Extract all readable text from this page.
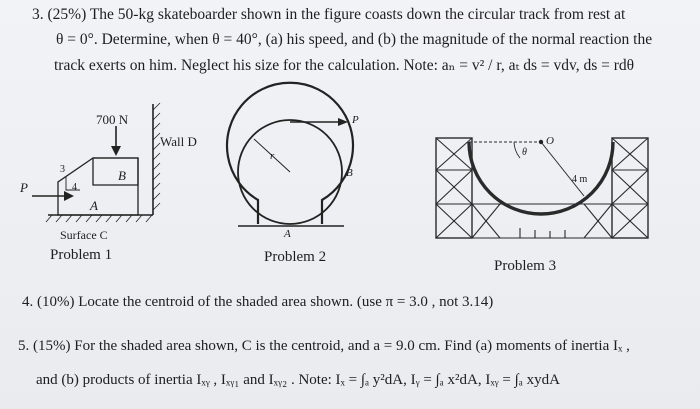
3. (25%) The 50-kg skateboarder shown in the figure coasts down the circular track from rest at
θ = 0°. Determine, when θ = 40°, (a) his speed, and (b) the magnitude of the normal reaction the
track exerts on him. Neglect his size for the calculation. Note: aₙ = v² / r, aₜ ds = vdv, ds = rdθ
700 N
Wall D
P
3
4
B
A
Surface C
Problem 1
P
r
B
A
Problem 2
O
θ
4 m
Problem 3
4. (10%) Locate the centroid of the shaded area shown. (use π = 3.0 , not 3.14)
5. (15%) For the shaded area shown, C is the centroid, and a = 9.0 cm. Find (a) moments of inertia Iₓ ,
and (b) products of inertia Iₓᵧ , Iₓᵧ₁ and Iₓᵧ₂ . Note: Iₓ = ∫ₐ y²dA, Iᵧ = ∫ₐ x²dA, Iₓᵧ = ∫ₐ xydA
